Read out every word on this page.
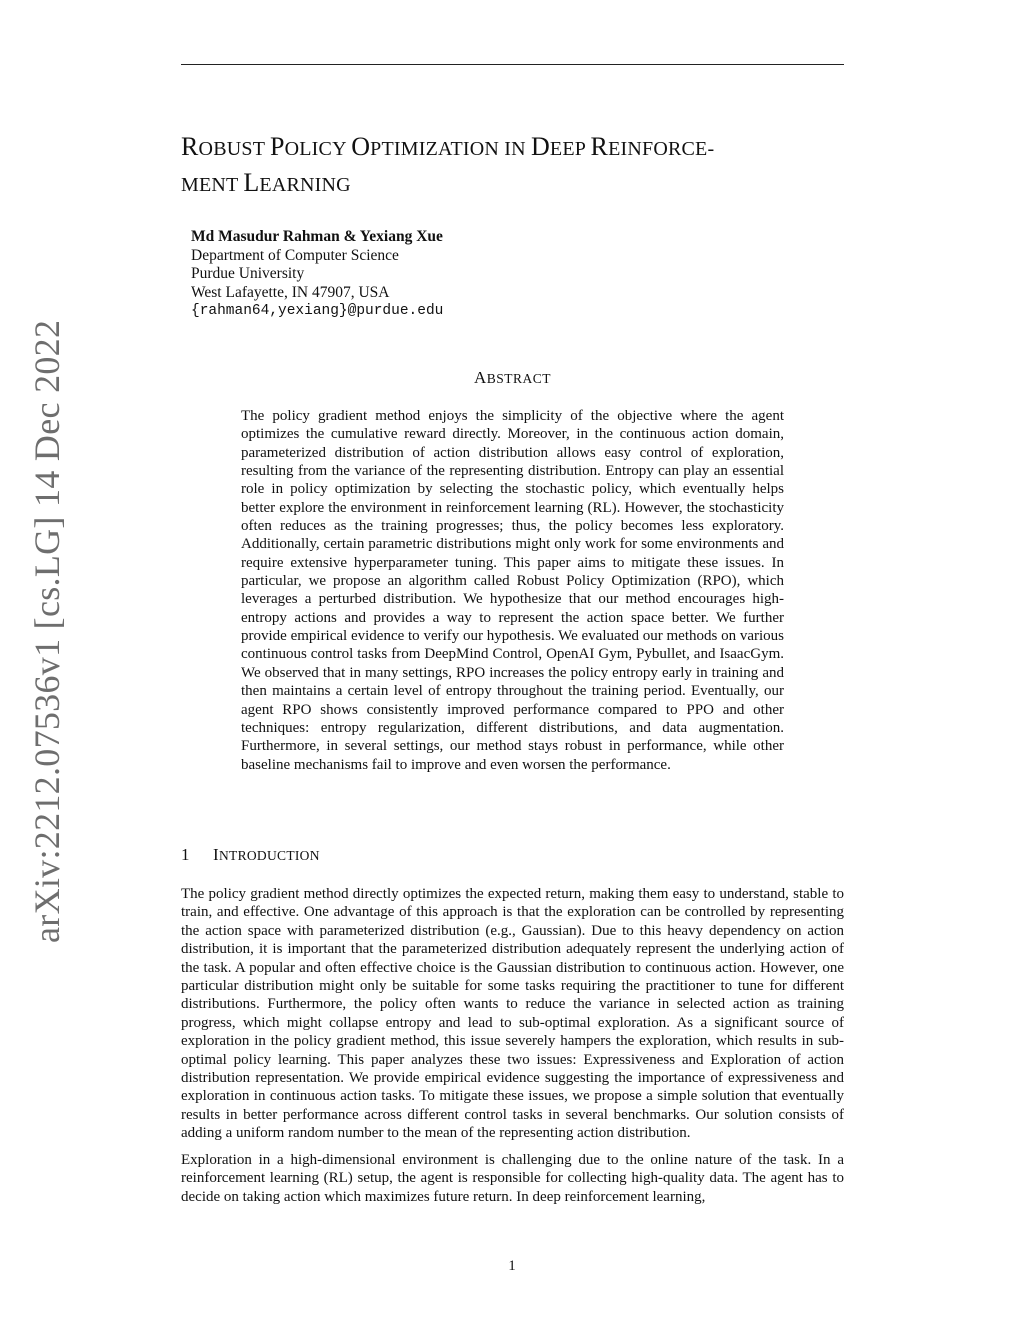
arXiv:2212.07536v1 [cs.LG] 14 Dec 2022
ROBUST POLICY OPTIMIZATION IN DEEP REINFORCE-
MENT LEARNING
Md Masudur Rahman & Yexiang Xue
Department of Computer Science
Purdue University
West Lafayette, IN 47907, USA
{rahman64,yexiang}@purdue.edu
ABSTRACT

The policy gradient method enjoys the simplicity of the objective where the agent optimizes the cumulative reward directly. Moreover, in the continuous action domain, parameterized distribution of action distribution allows easy control of exploration, resulting from the variance of the representing distribution. Entropy can play an essential role in policy optimization by selecting the stochastic policy, which eventually helps better explore the environment in reinforcement learning (RL). However, the stochasticity often reduces as the training progresses; thus, the policy becomes less exploratory. Additionally, certain parametric distributions might only work for some environments and require extensive hyperparameter tuning. This paper aims to mitigate these issues. In particular, we propose an algorithm called Robust Policy Optimization (RPO), which leverages a perturbed distribution. We hypothesize that our method encourages high-entropy actions and provides a way to represent the action space better. We further provide empirical evidence to verify our hypothesis. We evaluated our methods on various continuous control tasks from DeepMind Control, OpenAI Gym, Pybullet, and IsaacGym. We observed that in many settings, RPO increases the policy entropy early in training and then maintains a certain level of entropy throughout the training period. Eventually, our agent RPO shows consistently improved performance compared to PPO and other techniques: entropy regularization, different distributions, and data augmentation. Furthermore, in several settings, our method stays robust in performance, while other baseline mechanisms fail to improve and even worsen the performance.

1 INTRODUCTION

The policy gradient method directly optimizes the expected return, making them easy to understand, stable to train, and effective. One advantage of this approach is that the exploration can be controlled by representing the action space with parameterized distribution (e.g., Gaussian). Due to this heavy dependency on action distribution, it is important that the parameterized distribution adequately represent the underlying action of the task. A popular and often effective choice is the Gaussian distribution to continuous action. However, one particular distribution might only be suitable for some tasks requiring the practitioner to tune for different distributions. Furthermore, the policy often wants to reduce the variance in selected action as training progress, which might collapse entropy and lead to sub-optimal exploration. As a significant source of exploration in the policy gradient method, this issue severely hampers the exploration, which results in sub-optimal policy learning. This paper analyzes these two issues: Expressiveness and Exploration of action distribution representation. We provide empirical evidence suggesting the importance of expressiveness and exploration in continuous action tasks. To mitigate these issues, we propose a simple solution that eventually results in better performance across different control tasks in several benchmarks. Our solution consists of adding a uniform random number to the mean of the representing action distribution.

Exploration in a high-dimensional environment is challenging due to the online nature of the task. In a reinforcement learning (RL) setup, the agent is responsible for collecting high-quality data. The agent has to decide on taking action which maximizes future return. In deep reinforcement learning,

1
